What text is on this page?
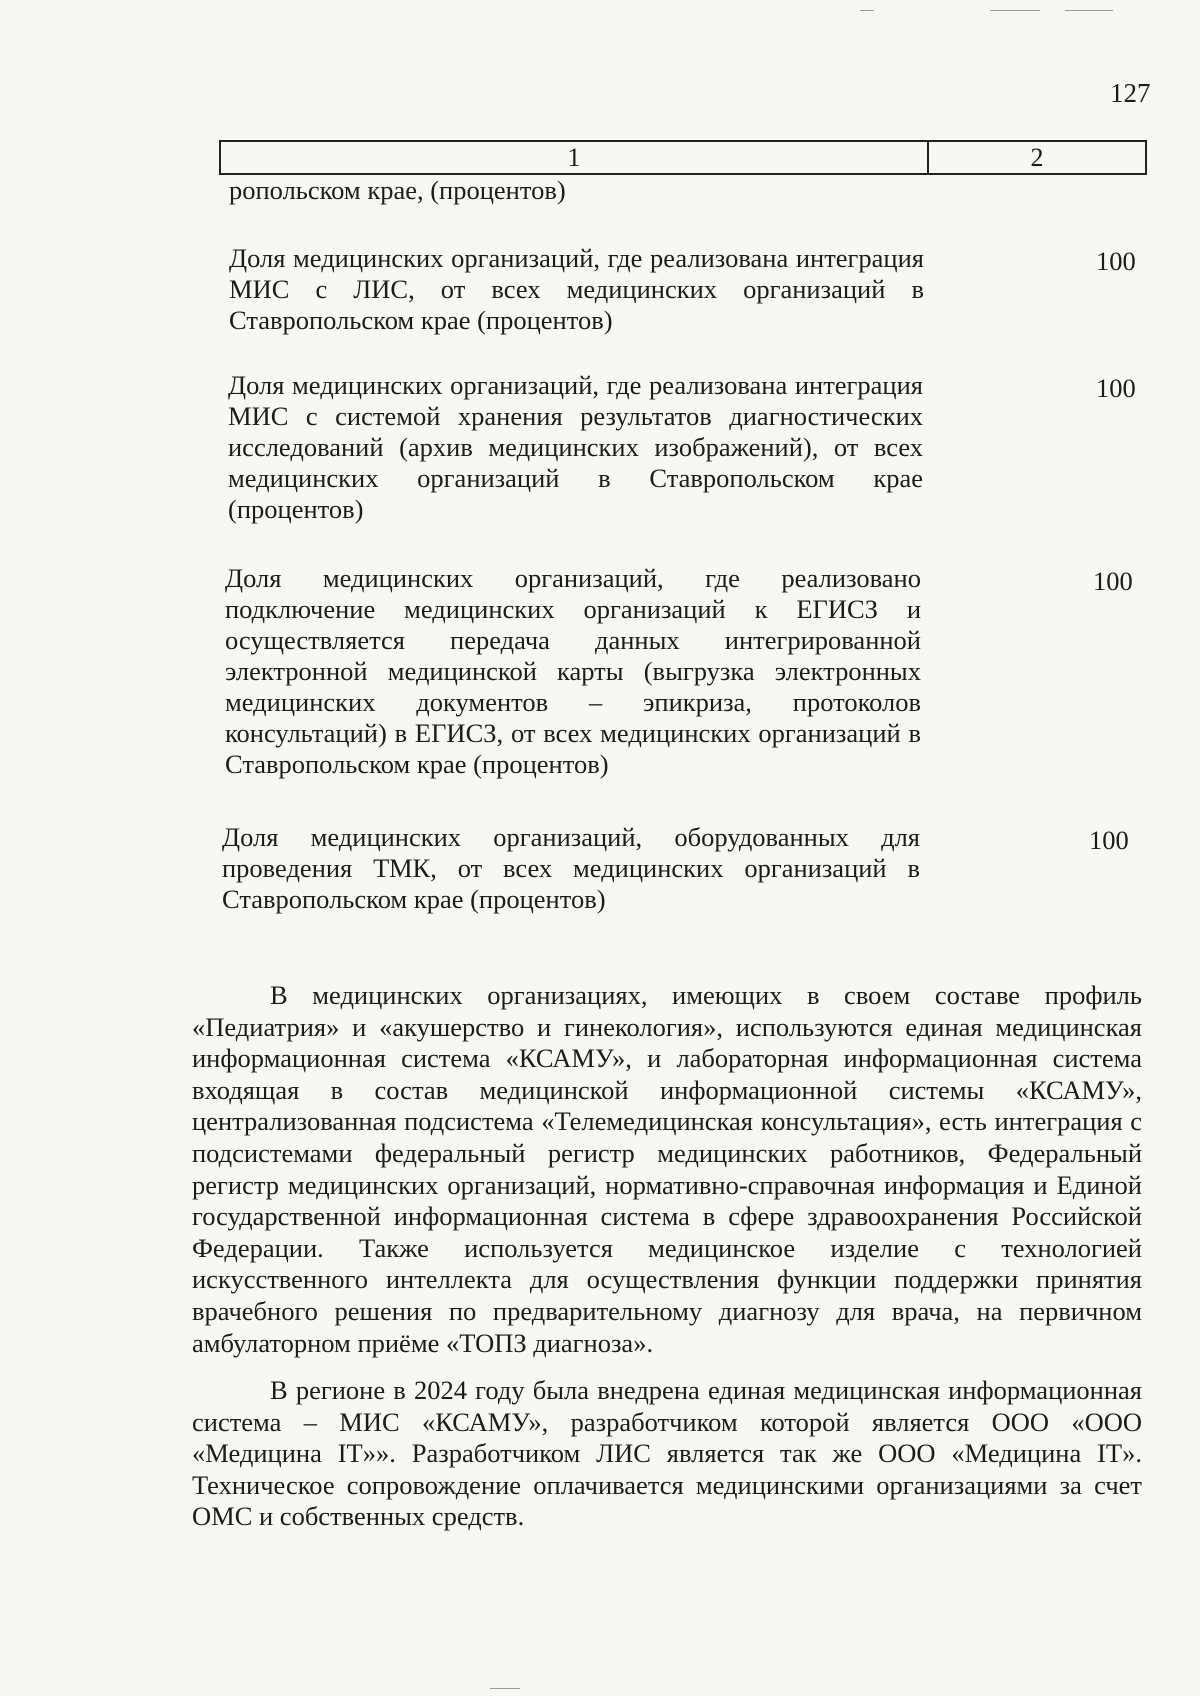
127
1	2
ропольском крае, (процентов)
Доля медицинских организаций, где реализована интеграция МИС с ЛИС, от всех медицинских организаций в Ставропольском крае (процентов)
100
Доля медицинских организаций, где реализована интеграция МИС с системой хранения результатов диагностических исследований (архив медицинских изображений), от всех медицинских организаций в Ставропольском крае (процентов)
100
Доля медицинских организаций, где реализовано подключение медицинских организаций к ЕГИСЗ и осуществляется передача данных интегрированной электронной медицинской карты (выгрузка электронных медицинских документов – эпикриза, протоколов консультаций) в ЕГИСЗ, от всех медицинских организаций в Ставропольском крае (процентов)
100
Доля медицинских организаций, оборудованных для проведения ТМК, от всех медицинских организаций в Ставропольском крае (процентов)
100
В медицинских организациях, имеющих в своем составе профиль «Педиатрия» и «акушерство и гинекология», используются единая медицинская информационная система «КСАМУ», и лабораторная информационная система входящая в состав медицинской информационной системы «КСАМУ», централизованная подсистема «Телемедицинская консультация», есть интеграция с подсистемами федеральный регистр медицинских работников, Федеральный регистр медицинских организаций, нормативно-справочная информация и Единой государственной информационная система в сфере здравоохранения Российской Федерации. Также используется медицинское изделие с технологией искусственного интеллекта для осуществления функции поддержки принятия врачебного решения по предварительному диагнозу для врача, на первичном амбулаторном приёме «ТОПЗ диагноза».
В регионе в 2024 году была внедрена единая медицинская информационная система – МИС «КСАМУ», разработчиком которой является ООО «ООО «Медицина IT»». Разработчиком ЛИС является так же ООО «Медицина IT». Техническое сопровождение оплачивается медицинскими организациями за счет ОМС и собственных средств.
